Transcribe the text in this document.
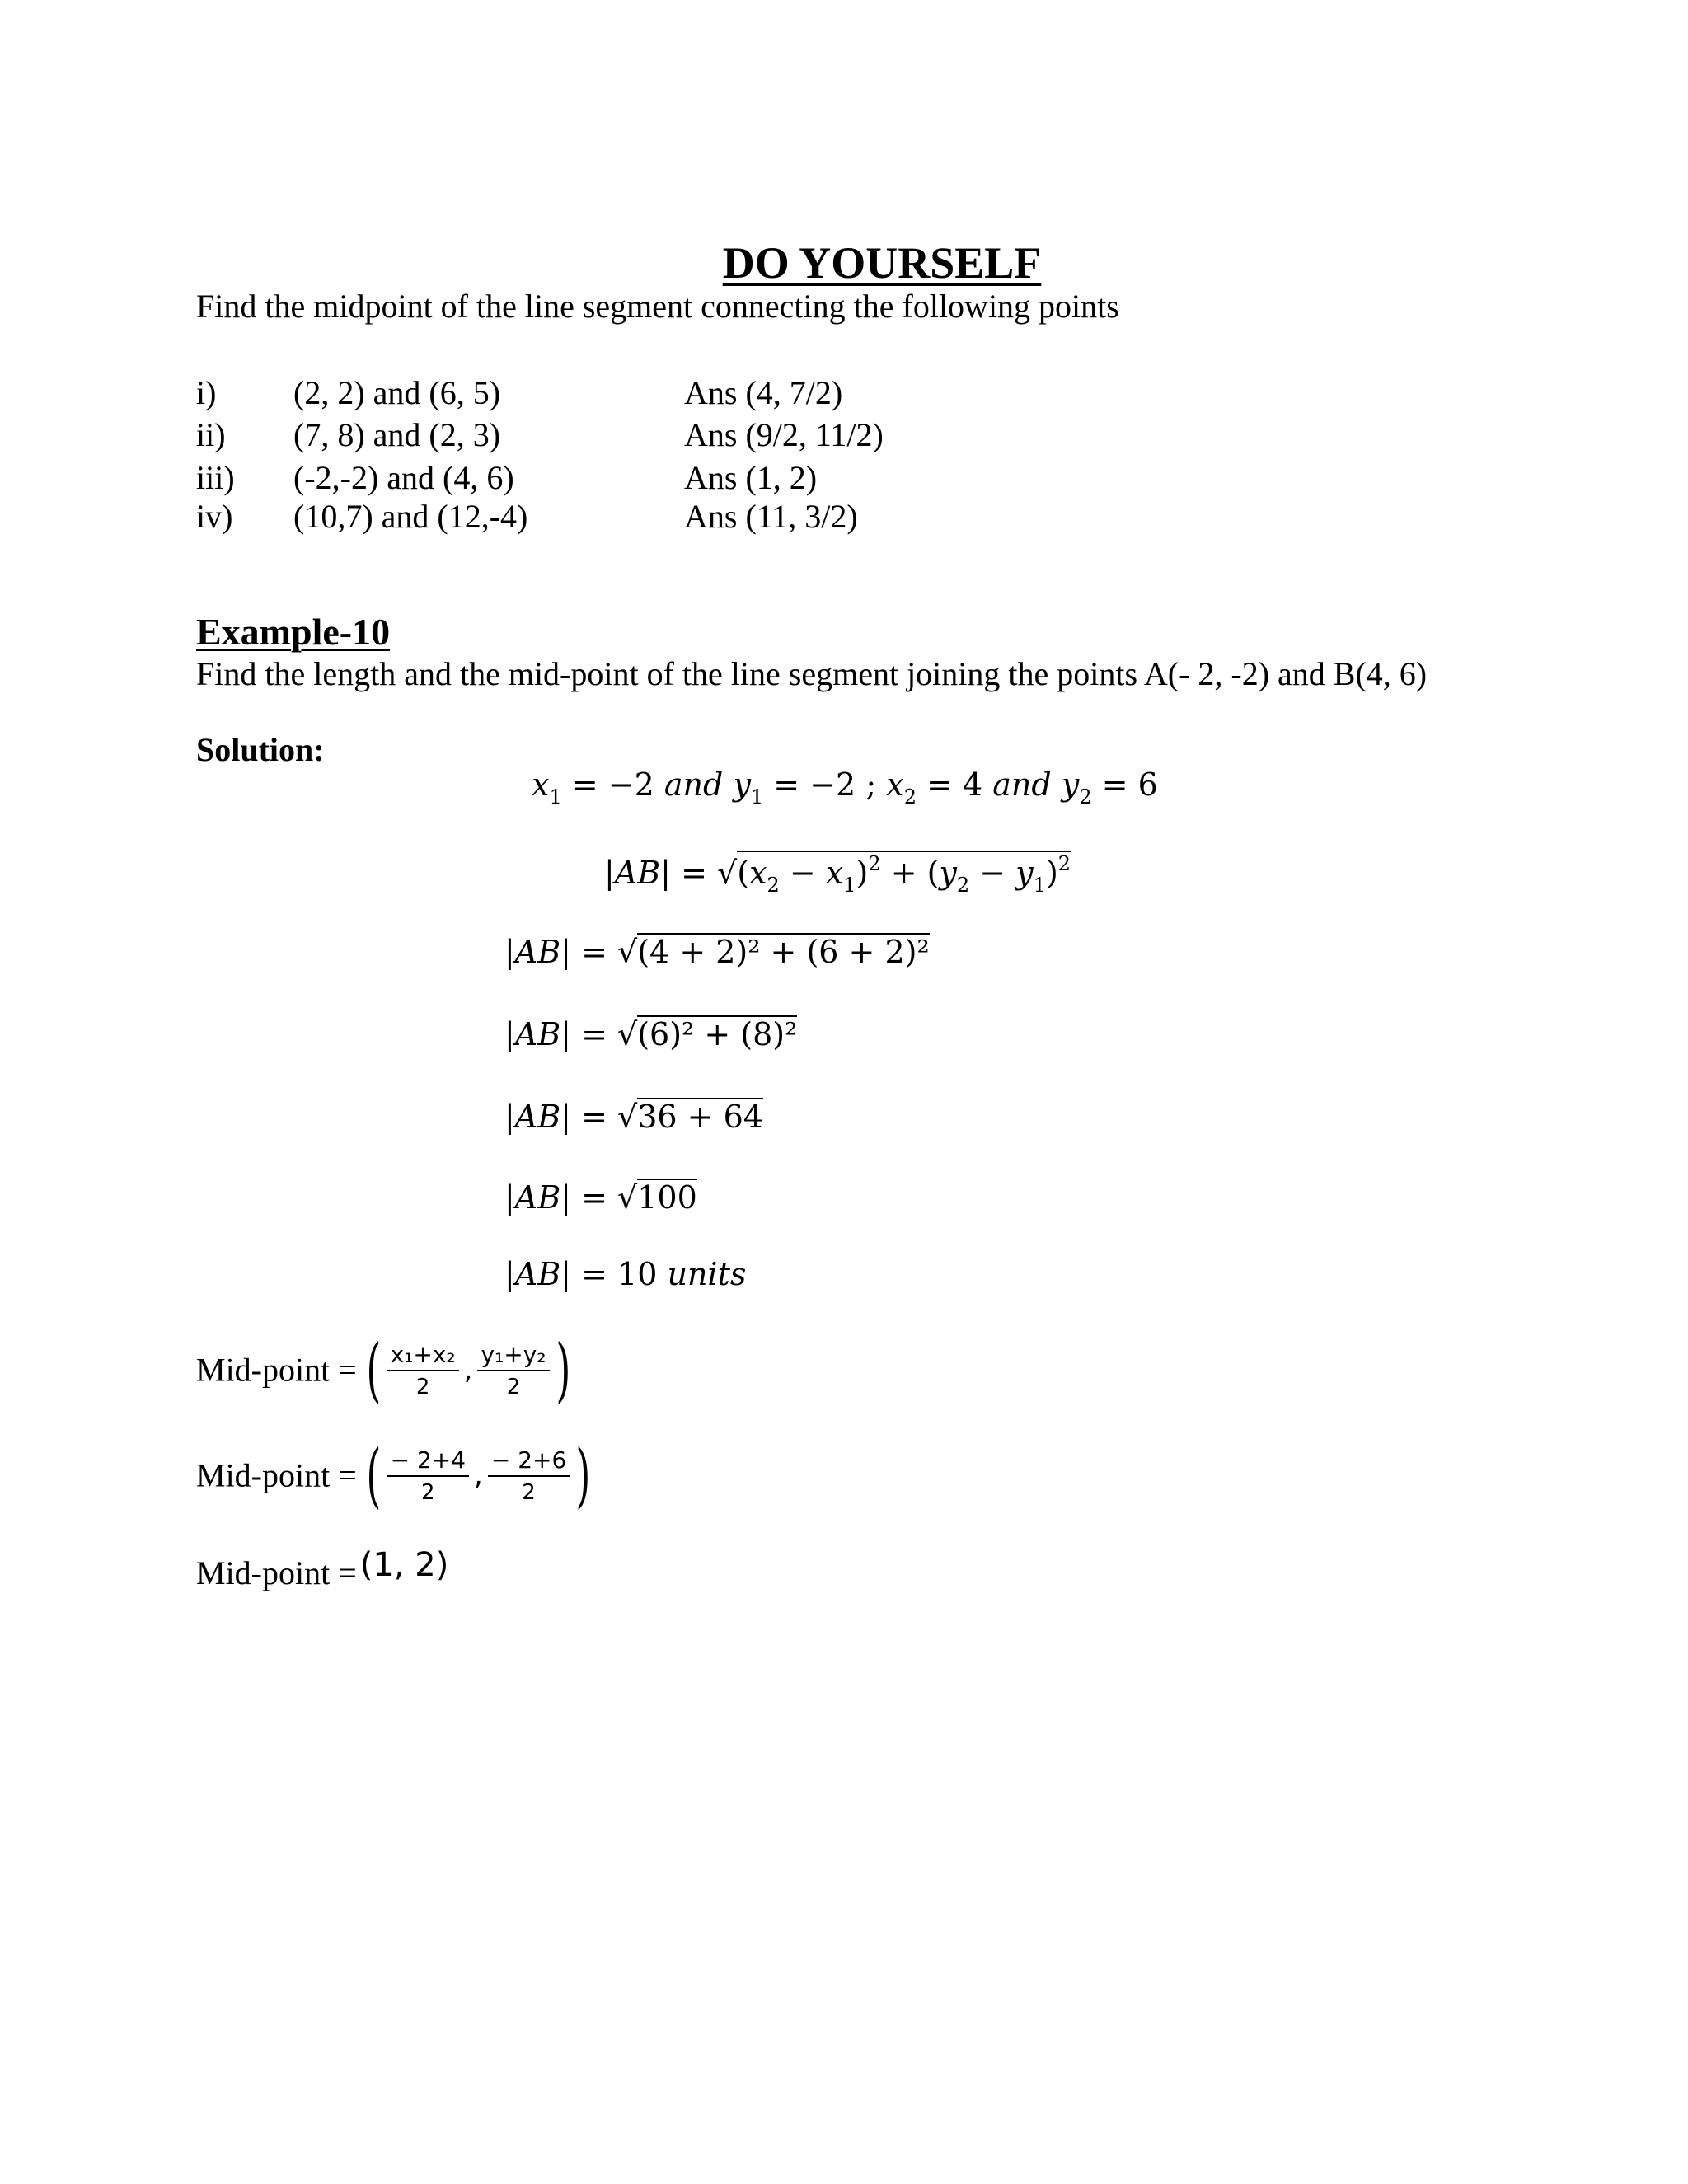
DO YOURSELF
Find the midpoint of the line segment connecting the following points
i) (2, 2) and (6, 5)	Ans (4, 7/2)
ii) (7, 8) and (2, 3)	Ans (9/2, 11/2)
iii) (-2,-2) and (4, 6)	Ans (1, 2)
iv) (10,7) and (12,-4)	Ans (11, 3/2)
Example-10
Find the length and the mid-point of the line segment joining the points A(- 2, -2) and B(4, 6)
Solution:
$x_1 = -2$ and $y_1 = -2$ ; $x_2 = 4$ and $y_2 = 6$
$|AB| = √(x_2 - x_1)^2 + (y_2 - y_1)^2$
|AB| = √(4 + 2)² + (6 + 2)²
|AB| = √(6)² + (8)²
|AB| = √36 + 64
|AB| = √100
|AB| = 10 units
Mid-point = ( $\frac{\text{x₁+x₂}}{2}$ , $\frac{\text{y₁+y₂}}{2}$ )
Mid-point = ( $\frac{- 2+4}{2}$ , $\frac{- 2+6}{2}$ )
Mid-point = (1, 2)
